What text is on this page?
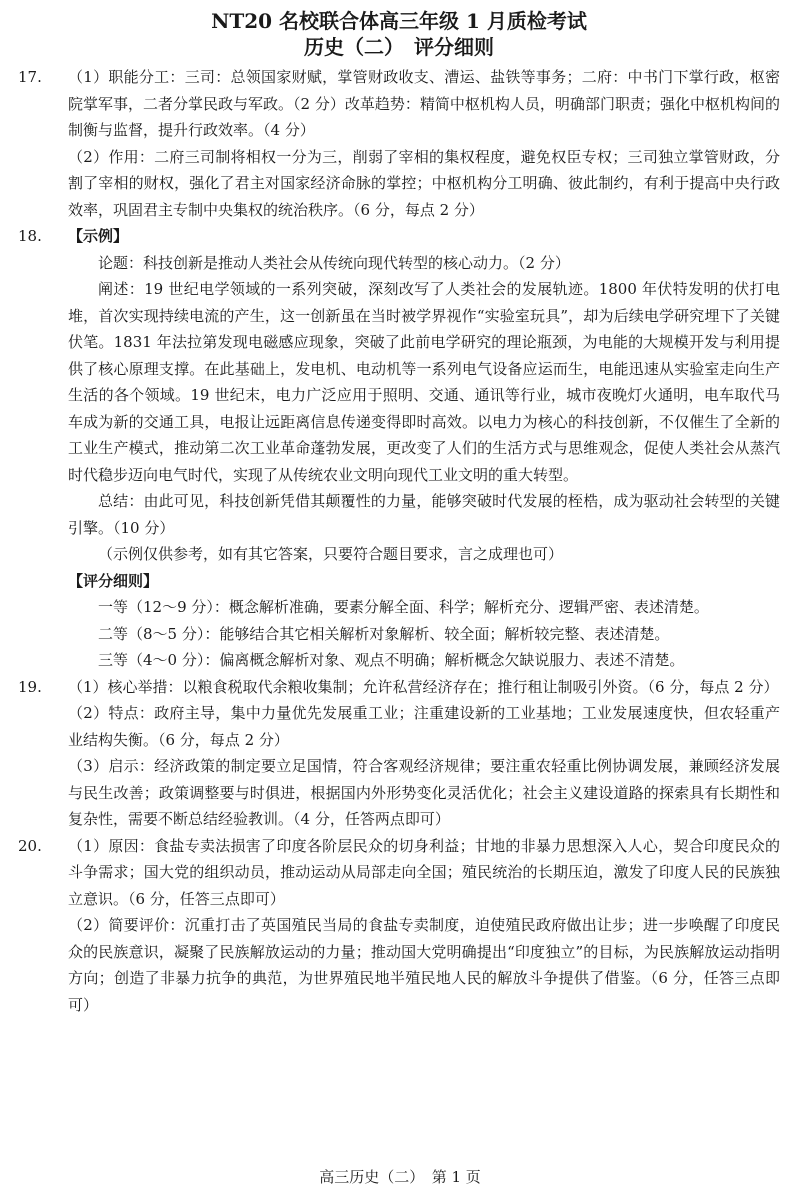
NT20 名校联合体高三年级 1 月质检考试
历史（二）　评分细则
17.	（1）职能分工：三司：总领国家财赋，掌管财政收支、漕运、盐铁等事务；二府：中书门下掌行政，枢密院掌军事，二者分掌民政与军政。（2 分）改革趋势：精简中枢机构人员，明确部门职责；强化中枢机构间的制衡与监督，提升行政效率。（4 分）

（2）作用：二府三司制将相权一分为三，削弱了宰相的集权程度，避免权臣专权；三司独立掌管财政，分割了宰相的财权，强化了君主对国家经济命脉的掌控；中枢机构分工明确、彼此制约，有利于提高中央行政效率，巩固君主专制中央集权的统治秩序。（6 分，每点 2 分）

18.	【示例】

论题：科技创新是推动人类社会从传统向现代转型的核心动力。（2 分）

阐述：19 世纪电学领域的一系列突破，深刻改写了人类社会的发展轨迹。1800 年伏特发明的伏打电堆，首次实现持续电流的产生，这一创新虽在当时被学界视作“实验室玩具”，却为后续电学研究埋下了关键伏笔。1831 年法拉第发现电磁感应现象，突破了此前电学研究的理论瓶颈，为电能的大规模开发与利用提供了核心原理支撑。在此基础上，发电机、电动机等一系列电气设备应运而生，电能迅速从实验室走向生产生活的各个领域。19 世纪末，电力广泛应用于照明、交通、通讯等行业，城市夜晚灯火通明，电车取代马车成为新的交通工具，电报让远距离信息传递变得即时高效。以电力为核心的科技创新，不仅催生了全新的工业生产模式，推动第二次工业革命蓬勃发展，更改变了人们的生活方式与思维观念，促使人类社会从蒸汽时代稳步迈向电气时代，实现了从传统农业文明向现代工业文明的重大转型。

总结：由此可见，科技创新凭借其颠覆性的力量，能够突破时代发展的桎梏，成为驱动社会转型的关键引擎。（10 分）

（示例仅供参考，如有其它答案，只要符合题目要求，言之成理也可）

【评分细则】

一等（12～9 分）：概念解析准确，要素分解全面、科学；解析充分、逻辑严密、表述清楚。

二等（8～5 分）：能够结合其它相关解析对象解析、较全面；解析较完整、表述清楚。

三等（4～0 分）：偏离概念解析对象、观点不明确；解析概念欠缺说服力、表述不清楚。

19.	（1）核心举措：以粮食税取代余粮收集制；允许私营经济存在；推行租让制吸引外资。（6 分，每点 2 分）

（2）特点：政府主导，集中力量优先发展重工业；注重建设新的工业基地；工业发展速度快，但农轻重产业结构失衡。（6 分，每点 2 分）

（3）启示：经济政策的制定要立足国情，符合客观经济规律；要注重农轻重比例协调发展，兼顾经济发展与民生改善；政策调整要与时俱进，根据国内外形势变化灵活优化；社会主义建设道路的探索具有长期性和复杂性，需要不断总结经验教训。（4 分，任答两点即可）

20.	（1）原因：食盐专卖法损害了印度各阶层民众的切身利益；甘地的非暴力思想深入人心，契合印度民众的斗争需求；国大党的组织动员，推动运动从局部走向全国；殖民统治的长期压迫，激发了印度人民的民族独立意识。（6 分，任答三点即可）

（2）简要评价：沉重打击了英国殖民当局的食盐专卖制度，迫使殖民政府做出让步；进一步唤醒了印度民众的民族意识，凝聚了民族解放运动的力量；推动国大党明确提出“印度独立”的目标，为民族解放运动指明方向；创造了非暴力抗争的典范，为世界殖民地半殖民地人民的解放斗争提供了借鉴。（6 分，任答三点即可）

高三历史（二）　第 1 页
